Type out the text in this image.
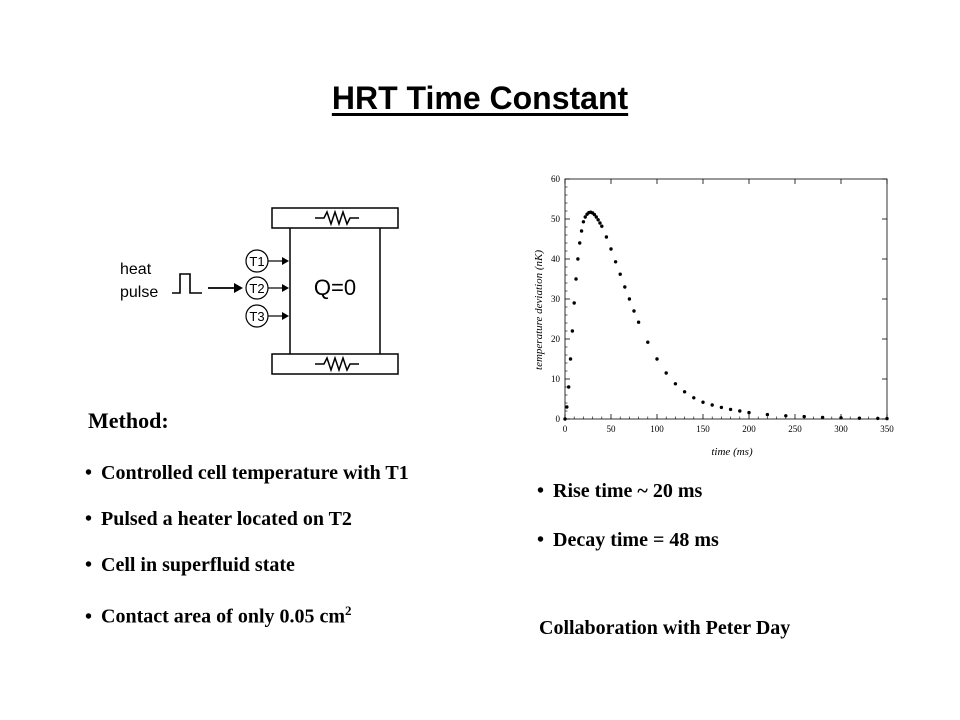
HRT Time Constant
heat
pulse
T1
T2
T3
Q=0
0	50	100	150	200	250	300	350
0
10
20
30
40
50
60
time (ms)
temperature deviation (nK)
Method:
• Controlled cell temperature with T1
• Pulsed a heater located on T2
• Cell in superfluid state
• Contact area of only 0.05 $cm^2$
• Rise time ~ 20 ms
• Decay time = 48 ms
Collaboration with Peter Day
